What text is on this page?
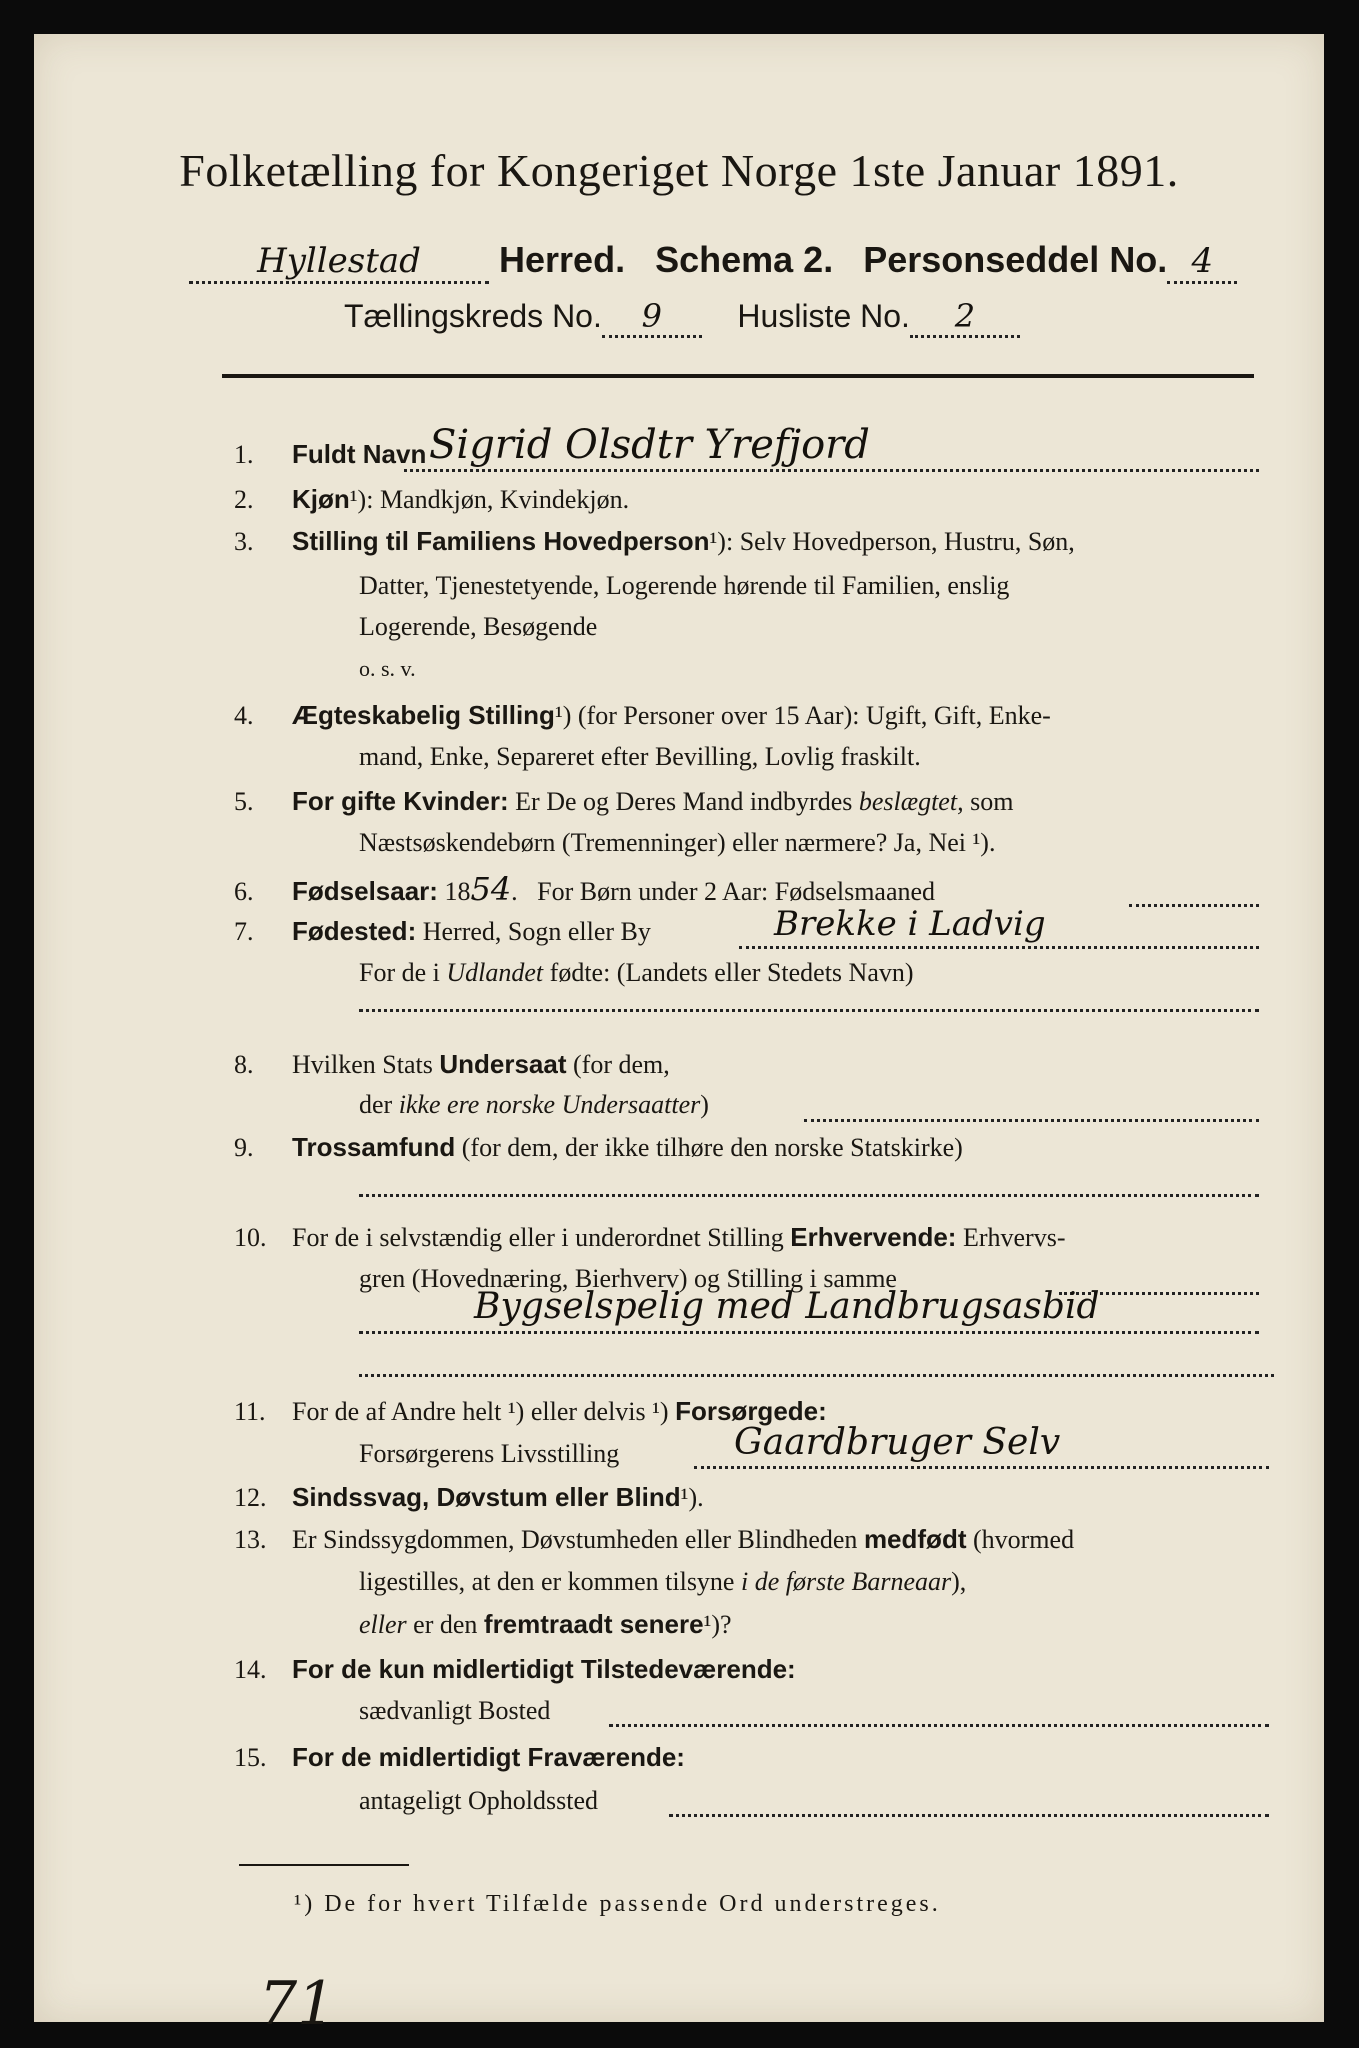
Folketælling for Kongeriget Norge 1ste Januar 1891.
Hyllestad Herred. Schema 2. Personseddel No. 4
Tællingskreds No. 9 Husliste No. 2
1. Fuldt Navn Sigrid Olsdtr Yrefjord
2. Kjøn¹): Mandkjøn, Kvindekjøn.
3. Stilling til Familiens Hovedperson¹): Selv Hovedperson, Hustru, Søn,
Datter, Tjenestetyende, Logerende hørende til Familien, enslig
Logerende, Besøgende
o. s. v.
4. Ægteskabelig Stilling¹) (for Personer over 15 Aar): Ugift, Gift, Enke-
mand, Enke, Separeret efter Bevilling, Lovlig fraskilt.
5. For gifte Kvinder: Er De og Deres Mand indbyrdes beslægtet, som
Næstsøskendebørn (Tremenninger) eller nærmere? Ja, Nei ¹).
6. Fødselsaar: 1854.   For Børn under 2 Aar: Fødselsmaaned
7. Fødested: Herred, Sogn eller By	Brekke i Ladvig
For de i Udlandet fødte: (Landets eller Stedets Navn)
8. Hvilken Stats Undersaat (for dem,
der ikke ere norske Undersaatter)
9. Trossamfund (for dem, der ikke tilhøre den norske Statskirke)
10. For de i selvstændig eller i underordnet Stilling Erhvervende: Erhvervs-
gren (Hovednæring, Bierhverv) og Stilling i samme
Bygselspelig med Landbrugsasbid
11. For de af Andre helt ¹) eller delvis ¹) Forsørgede:
Forsørgerens Livsstilling	Gaardbruger Selv
12. Sindssvag, Døvstum eller Blind¹).
13. Er Sindssygdommen, Døvstumheden eller Blindheden medfødt (hvormed
ligestilles, at den er kommen tilsyne i de første Barneaar),
eller er den fremtraadt senere¹)?
14. For de kun midlertidigt Tilstedeværende:
sædvanligt Bosted
15. For de midlertidigt Fraværende:
antageligt Opholdssted
¹) De for hvert Tilfælde passende Ord understreges.
71
